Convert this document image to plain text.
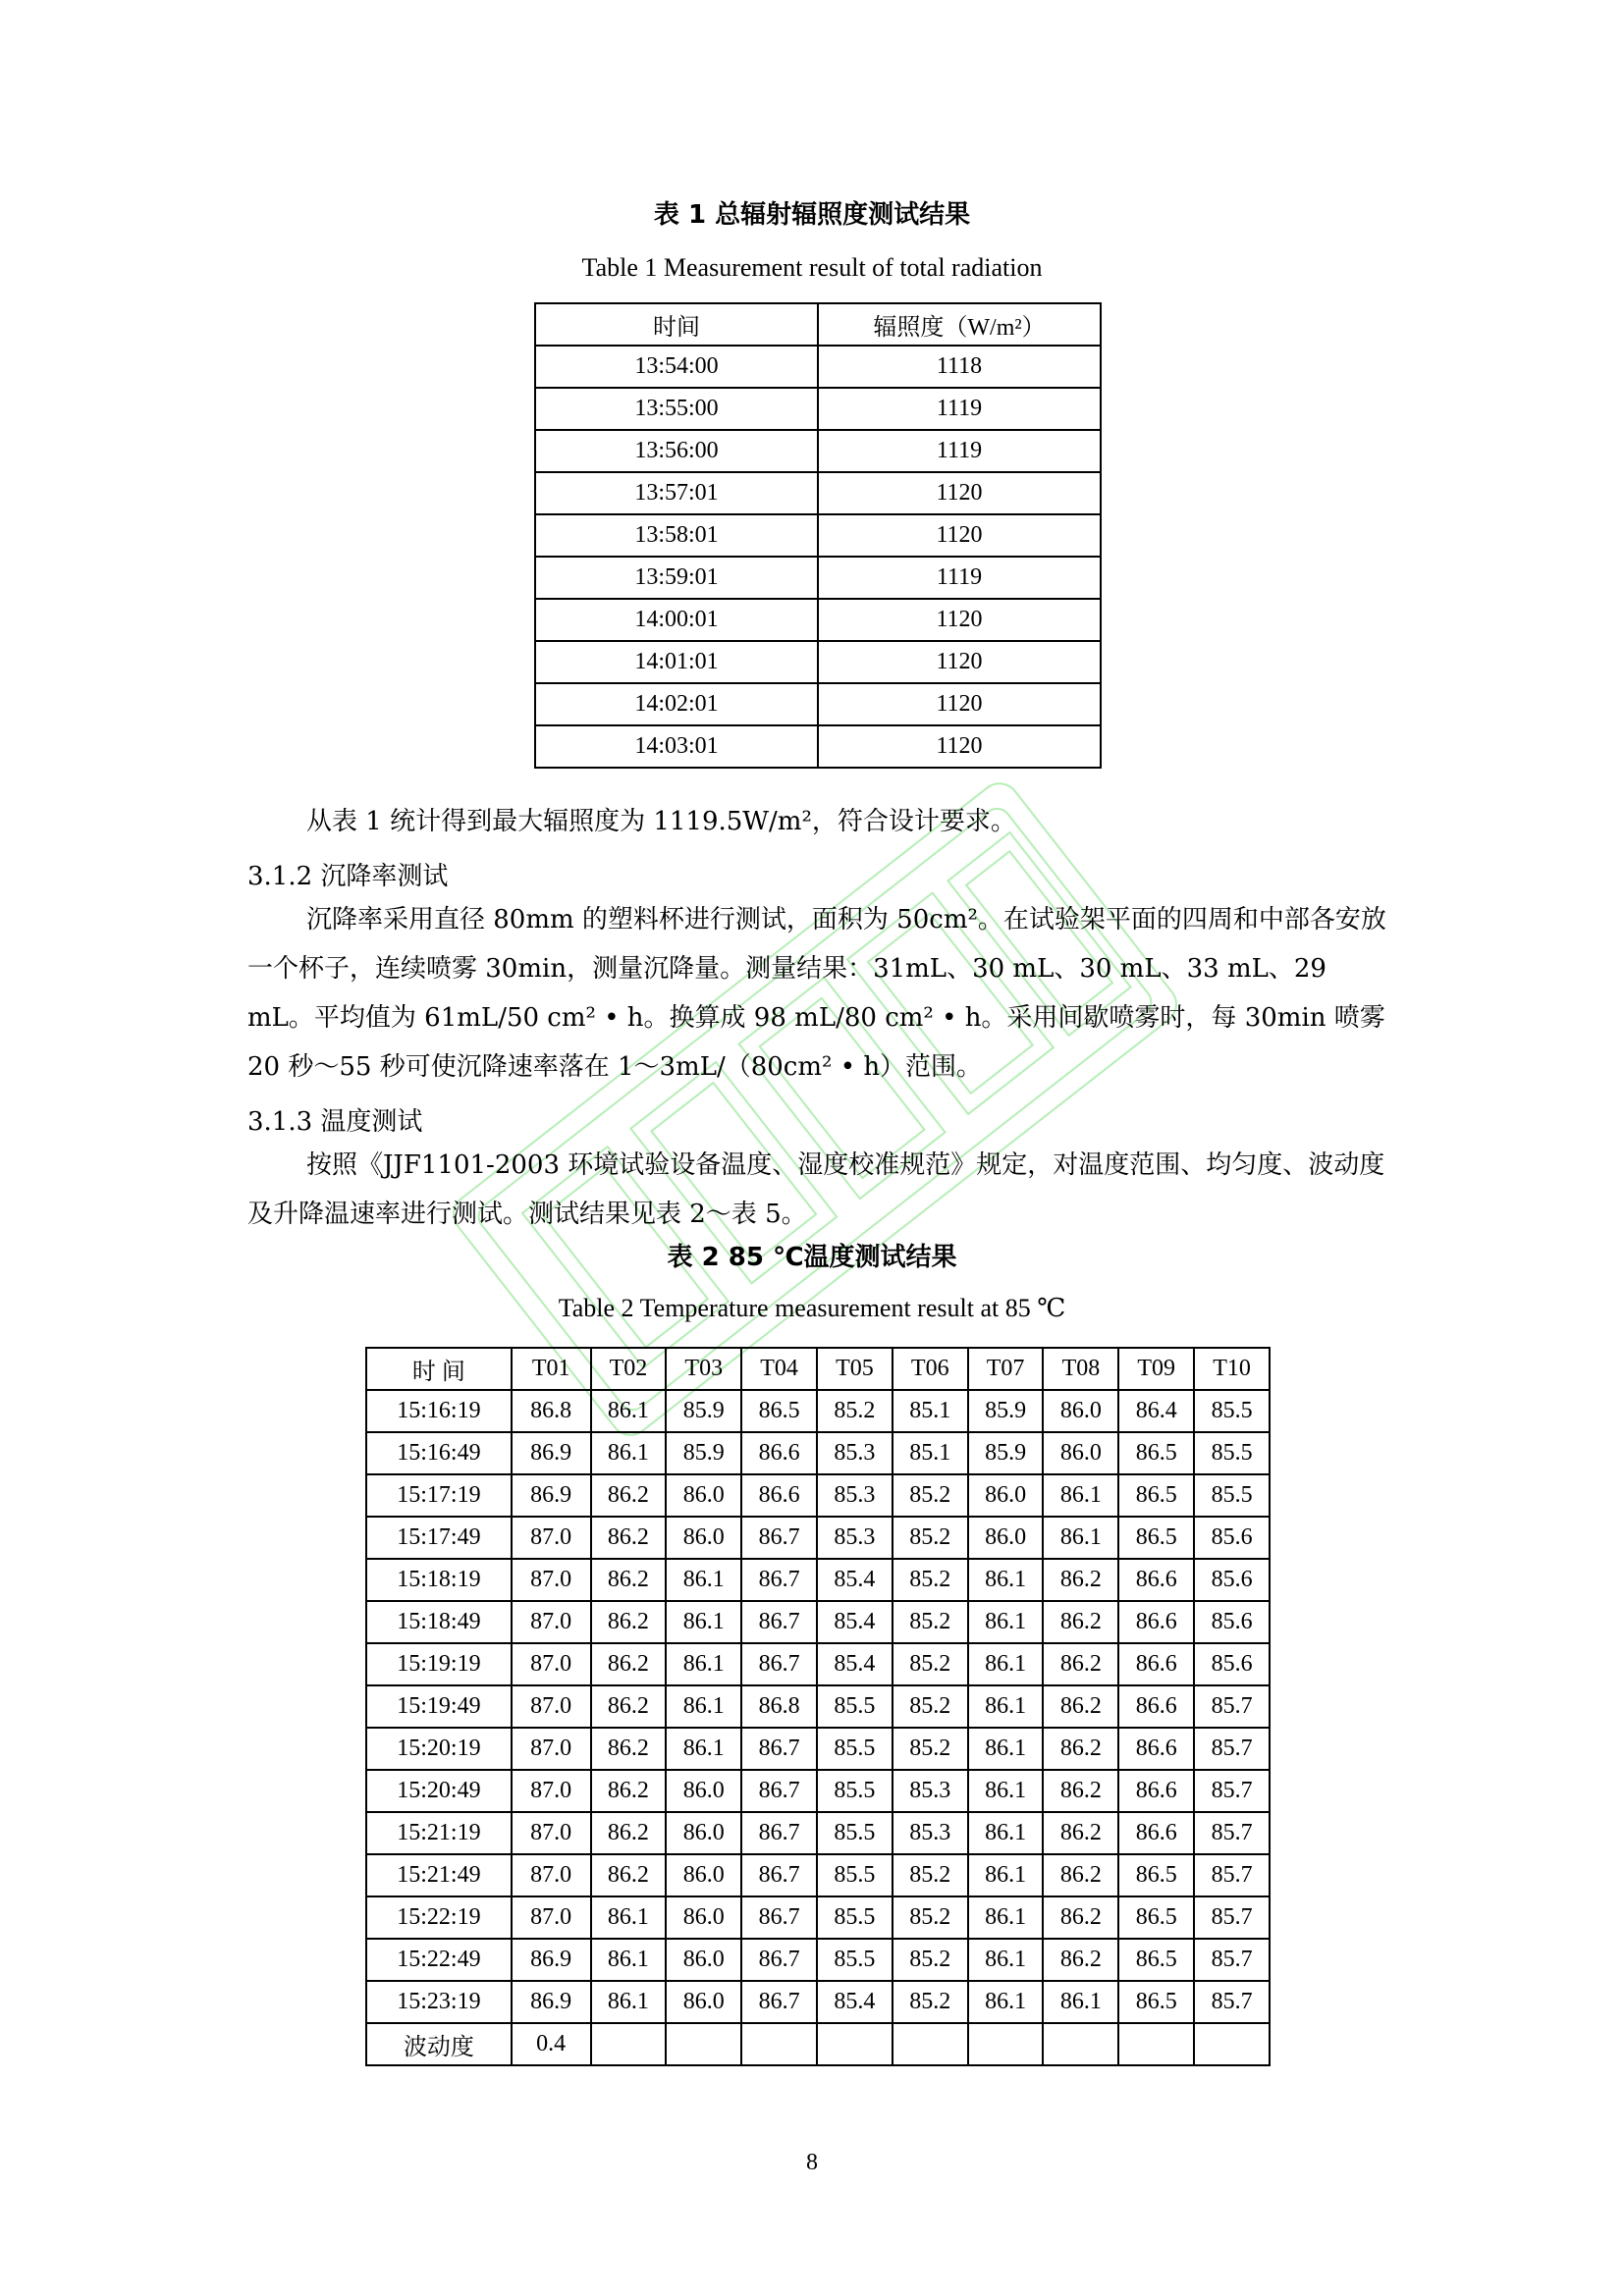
表 1 总辐射辐照度测试结果
Table 1 Measurement result of total radiation
时间	辐照度（W/m²）
13:54:00	1118
13:55:00	1119
13:56:00	1119
13:57:01	1120
13:58:01	1120
13:59:01	1119
14:00:01	1120
14:01:01	1120
14:02:01	1120
14:03:01	1120
从表 1 统计得到最大辐照度为 1119.5W/m²，符合设计要求。
3.1.2 沉降率测试
沉降率采用直径 80mm 的塑料杯进行测试，面积为 50cm²。在试验架平面的四周和中部各安放一个杯子，连续喷雾 30min，测量沉降量。测量结果：31mL、30 mL、30 mL、33 mL、29 mL。平均值为 61mL/50 cm² • h。换算成 98 mL/80 cm² • h。采用间歇喷雾时，每 30min 喷雾 20 秒～55 秒可使沉降速率落在 1～3mL/（80cm² • h）范围。
3.1.3 温度测试
按照《JJF1101-2003 环境试验设备温度、湿度校准规范》规定，对温度范围、均匀度、波动度及升降温速率进行测试。测试结果见表 2～表 5。
表 2 85 ℃温度测试结果
Table 2 Temperature measurement result at 85 ℃
时 间	T01	T02	T03	T04	T05	T06	T07	T08	T09	T10
15:16:19	86.8	86.1	85.9	86.5	85.2	85.1	85.9	86.0	86.4	85.5
15:16:49	86.9	86.1	85.9	86.6	85.3	85.1	85.9	86.0	86.5	85.5
15:17:19	86.9	86.2	86.0	86.6	85.3	85.2	86.0	86.1	86.5	85.5
15:17:49	87.0	86.2	86.0	86.7	85.3	85.2	86.0	86.1	86.5	85.6
15:18:19	87.0	86.2	86.1	86.7	85.4	85.2	86.1	86.2	86.6	85.6
15:18:49	87.0	86.2	86.1	86.7	85.4	85.2	86.1	86.2	86.6	85.6
15:19:19	87.0	86.2	86.1	86.7	85.4	85.2	86.1	86.2	86.6	85.6
15:19:49	87.0	86.2	86.1	86.8	85.5	85.2	86.1	86.2	86.6	85.7
15:20:19	87.0	86.2	86.1	86.7	85.5	85.2	86.1	86.2	86.6	85.7
15:20:49	87.0	86.2	86.0	86.7	85.5	85.3	86.1	86.2	86.6	85.7
15:21:19	87.0	86.2	86.0	86.7	85.5	85.3	86.1	86.2	86.6	85.7
15:21:49	87.0	86.2	86.0	86.7	85.5	85.2	86.1	86.2	86.5	85.7
15:22:19	87.0	86.1	86.0	86.7	85.5	85.2	86.1	86.2	86.5	85.7
15:22:49	86.9	86.1	86.0	86.7	85.5	85.2	86.1	86.2	86.5	85.7
15:23:19	86.9	86.1	86.0	86.7	85.4	85.2	86.1	86.1	86.5	85.7
波动度	0.4									
8
